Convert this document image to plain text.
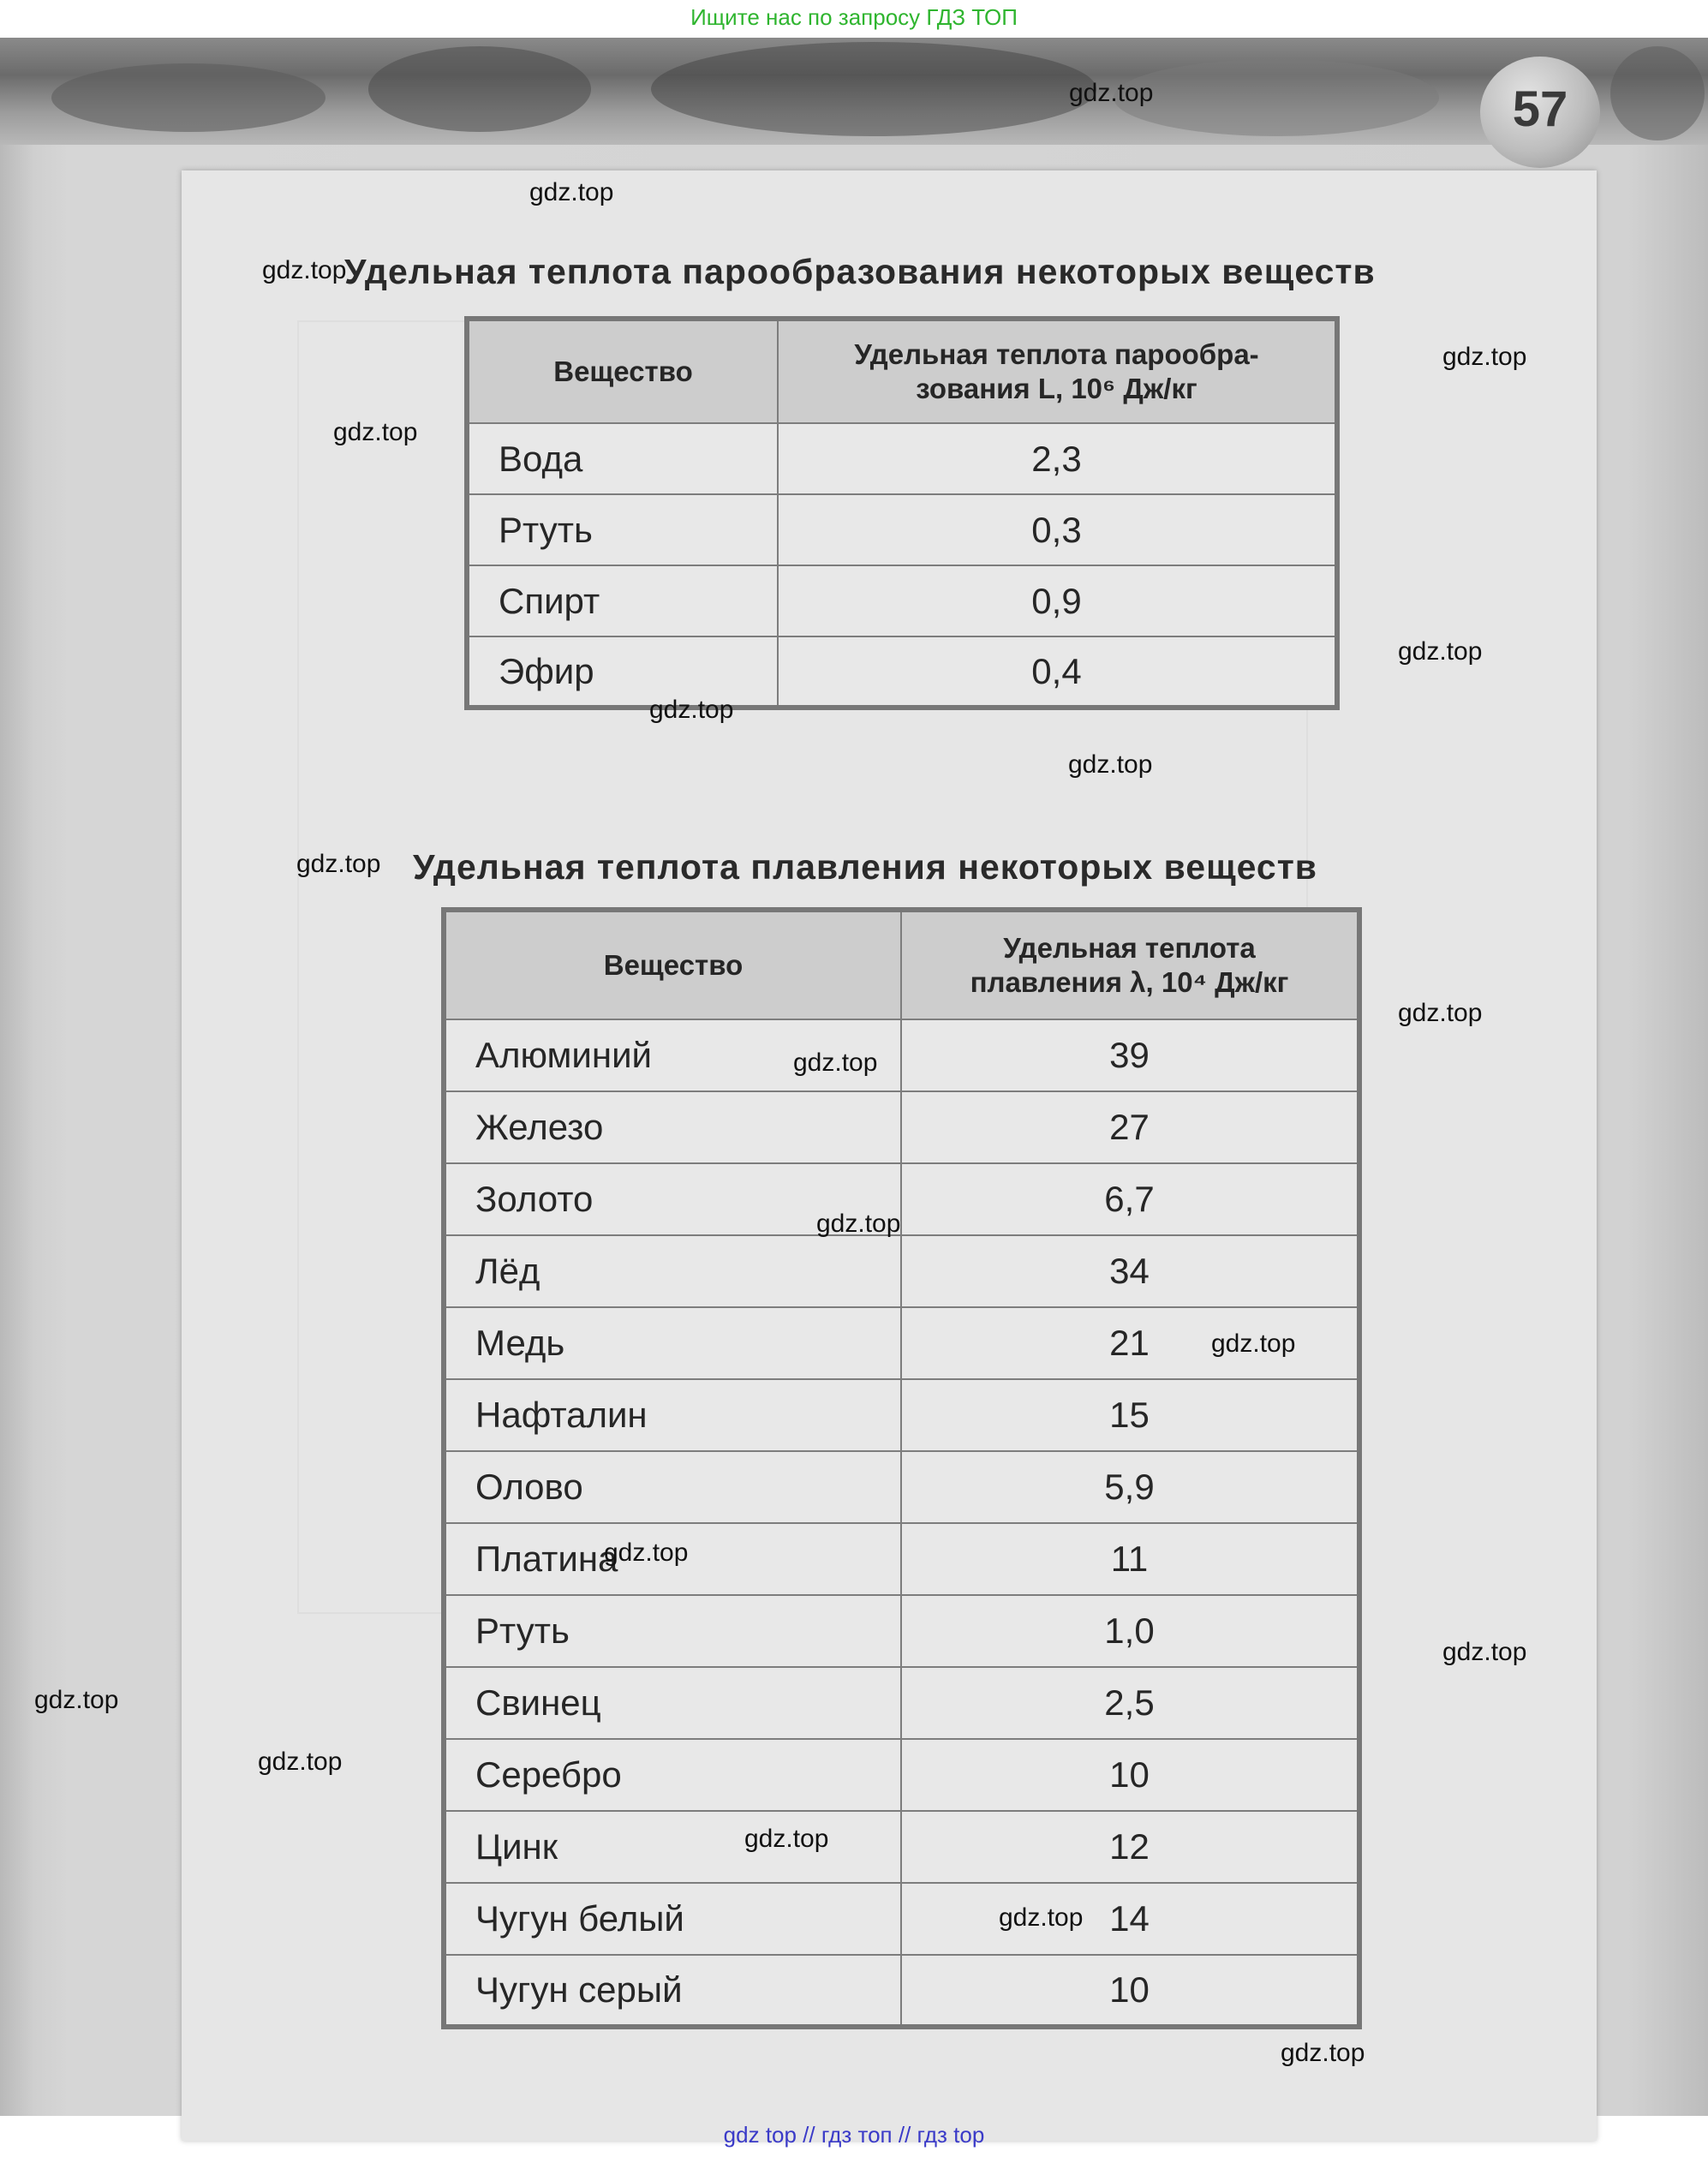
Ищите нас по запросу ГДЗ ТОП
57
Удельная теплота парообразования некоторых веществ
Вещество	Удельная теплота парообра-
зования L, 10⁶ Дж/кг

Вода	2,3
Ртуть	0,3
Спирт	0,9
Эфир	0,4
Удельная теплота плавления некоторых веществ
Вещество	Удельная теплота
плавления λ, 10⁴ Дж/кг

Алюминий	39
Железо	27
Золото	6,7
Лёд	34
Медь	21
Нафталин	15
Олово	5,9
Платина	11
Ртуть	1,0
Свинец	2,5
Серебро	10
Цинк	12
Чугун белый	14
Чугун серый	10
gdz.top
gdz.top
gdz.top
gdz.top
gdz.top
gdz.top
gdz.top
gdz.top
gdz.top
gdz.top
gdz.top
gdz.top
gdz.top
gdz.top
gdz.top
gdz.top
gdz.top
gdz.top
gdz.top
gdz.top
gdz top // гдз топ // гдз top
